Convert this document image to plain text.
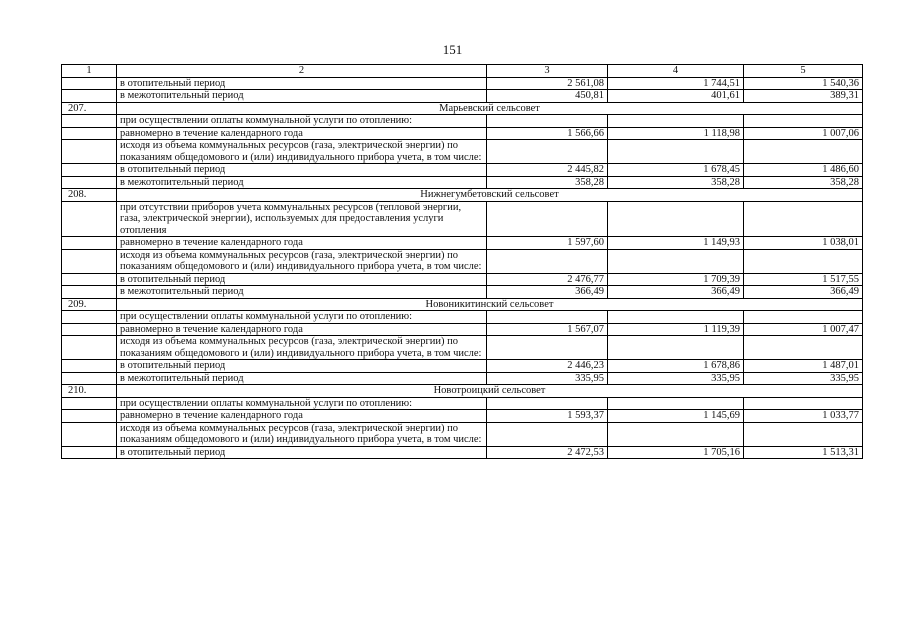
151
1	2	3	4	5
	в отопительный период	2 561,08	1 744,51	1 540,36
	в межотопительный период	450,81	401,61	389,31
207.	Марьевский сельсовет			
	при осуществлении оплаты коммунальной услуги по отоплению:			
	равномерно в течение календарного года	1 566,66	1 118,98	1 007,06
	исходя из объема коммунальных ресурсов (газа, электрической энергии) по показаниям общедомового и (или) индивидуального прибора учета, в том числе:			
	в отопительный период	2 445,82	1 678,45	1 486,60
	в межотопительный период	358,28	358,28	358,28
208.	Нижнегумбетовский сельсовет			
	при отсутствии приборов учета коммунальных ресурсов (тепловой энергии, газа, электрической энергии), используемых для предоставления услуги отопления			
	равномерно в течение календарного года	1 597,60	1 149,93	1 038,01
	исходя из объема коммунальных ресурсов (газа, электрической энергии) по показаниям общедомового и (или) индивидуального прибора учета, в том числе:			
	в отопительный период	2 476,77	1 709,39	1 517,55
	в межотопительный период	366,49	366,49	366,49
209.	Новоникитинский сельсовет			
	при осуществлении оплаты коммунальной услуги по отоплению:			
	равномерно в течение календарного года	1 567,07	1 119,39	1 007,47
	исходя из объема коммунальных ресурсов (газа, электрической энергии) по показаниям общедомового и (или) индивидуального прибора учета, в том числе:			
	в отопительный период	2 446,23	1 678,86	1 487,01
	в межотопительный период	335,95	335,95	335,95
210.	Новотроицкий сельсовет			
	при осуществлении оплаты коммунальной услуги по отоплению:			
	равномерно в течение календарного года	1 593,37	1 145,69	1 033,77
	исходя из объема коммунальных ресурсов (газа, электрической энергии) по показаниям общедомового и (или) индивидуального прибора учета, в том числе:			
	в отопительный период	2 472,53	1 705,16	1 513,31
